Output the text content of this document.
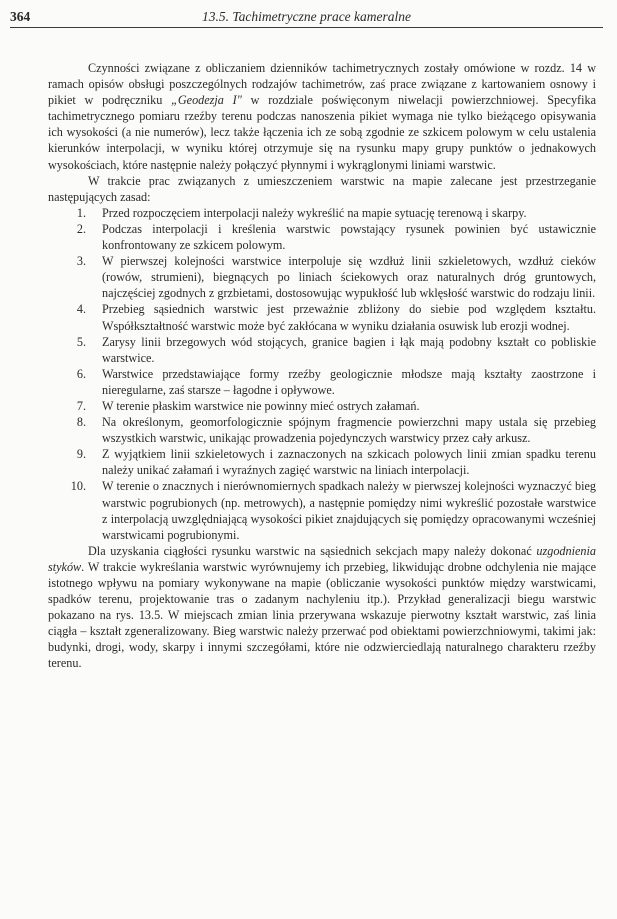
364	13.5. Tachimetryczne prace kameralne

Czynności związane z obliczaniem dzienników tachimetrycznych zostały omówione w rozdz. 14 w ramach opisów obsługi poszczególnych rodzajów tachimetrów, zaś prace związane z kartowaniem osnowy i pikiet w podręczniku „Geodezja I" w rozdziale poświęconym niwelacji powierzchniowej. Specyfika tachimetrycznego pomiaru rzeźby terenu podczas nanoszenia pikiet wymaga nie tylko bieżącego opisywania ich wysokości (a nie numerów), lecz także łączenia ich ze sobą zgodnie ze szkicem polowym w celu ustalenia kierunków interpolacji, w wyniku której otrzymuje się na rysunku mapy grupy punktów o jednakowych wysokościach, które następnie należy połączyć płynnymi i wykrąglonymi liniami warstwic.

W trakcie prac związanych z umieszczeniem warstwic na mapie zalecane jest przestrzeganie następujących zasad:

1. Przed rozpoczęciem interpolacji należy wykreślić na mapie sytuację terenową i skarpy.
2. Podczas interpolacji i kreślenia warstwic powstający rysunek powinien być ustawicznie konfrontowany ze szkicem polowym.
3. W pierwszej kolejności warstwice interpoluje się wzdłuż linii szkieletowych, wzdłuż cieków (rowów, strumieni), biegnących po liniach ściekowych oraz naturalnych dróg gruntowych, najczęściej zgodnych z grzbietami, dostosowując wypukłość lub wklęsłość warstwic do rodzaju linii.
4. Przebieg sąsiednich warstwic jest przeważnie zbliżony do siebie pod względem kształtu. Współkształtność warstwic może być zakłócana w wyniku działania osuwisk lub erozji wodnej.
5. Zarysy linii brzegowych wód stojących, granice bagien i łąk mają podobny kształt co pobliskie warstwice.
6. Warstwice przedstawiające formy rzeźby geologicznie młodsze mają kształty zaostrzone i nieregularne, zaś starsze – łagodne i opływowe.
7. W terenie płaskim warstwice nie powinny mieć ostrych załamań.
8. Na określonym, geomorfologicznie spójnym fragmencie powierzchni mapy ustala się przebieg wszystkich warstwic, unikając prowadzenia pojedynczych warstwicy przez cały arkusz.
9. Z wyjątkiem linii szkieletowych i zaznaczonych na szkicach polowych linii zmian spadku terenu należy unikać załamań i wyraźnych zagięć warstwic na liniach interpolacji.
10. W terenie o znacznych i nierównomiernych spadkach należy w pierwszej kolejności wyznaczyć bieg warstwic pogrubionych (np. metrowych), a następnie pomiędzy nimi wykreślić pozostałe warstwice z interpolacją uwzględniającą wysokości pikiet znajdujących się pomiędzy opracowanymi wcześniej warstwicami pogrubionymi.

Dla uzyskania ciągłości rysunku warstwic na sąsiednich sekcjach mapy należy dokonać uzgodnienia styków. W trakcie wykreślania warstwic wyrównujemy ich przebieg, likwidując drobne odchylenia nie mające istotnego wpływu na pomiary wykonywane na mapie (obliczanie wysokości punktów między warstwicami, spadków terenu, projektowanie tras o zadanym nachyleniu itp.). Przykład generalizacji biegu warstwic pokazano na rys. 13.5. W miejscach zmian linia przerywana wskazuje pierwotny kształt warstwic, zaś linia ciągła – kształt zgeneralizowany. Bieg warstwic należy przerwać pod obiektami powierzchniowymi, takimi jak: budynki, drogi, wody, skarpy i innymi szczegółami, które nie odzwierciedlają naturalnego charakteru rzeźby terenu.
